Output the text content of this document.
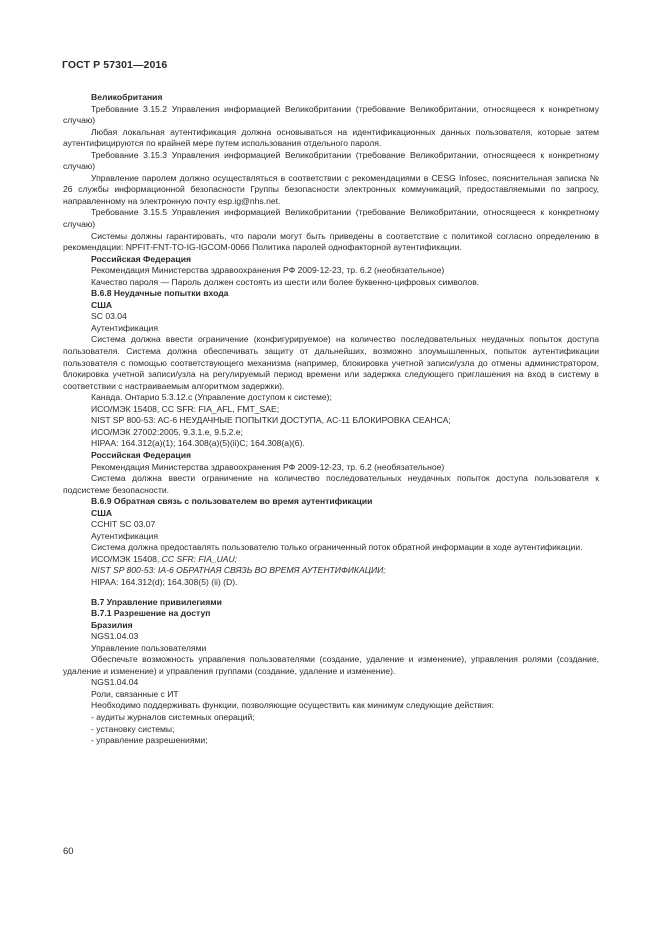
ГОСТ Р 57301—2016

Великобритания

Требование 3.15.2 Управления информацией Великобритании (требование Великобритании, относящееся к конкретному случаю)

Любая локальная аутентификация должна основываться на идентификационных данных пользователя, которые затем аутентифицируются по крайней мере путем использования отдельного пароля.

Требование 3.15.3 Управления информацией Великобритании (требование Великобритании, относящееся к конкретному случаю)

Управление паролем должно осуществляться в соответствии с рекомендациями в CESG Infosec, пояснительная записка № 26 службы информационной безопасности Группы безопасности электронных коммуникаций, предоставляемыми по запросу, направленному на электронную почту esp.ig@nhs.net.

Требование 3.15.5 Управления информацией Великобритании (требование Великобритании, относящееся к конкретному случаю)

Системы должны гарантировать, что пароли могут быть приведены в соответствие с политикой согласно определению в рекомендации: NPFIT-FNT-TO-IG-IGCOM-0066 Политика паролей однофакторной аутентификации.

Российская Федерация

Рекомендация Министерства здравоохранения РФ 2009-12-23, тр. 6.2 (необязательное)

Качество пароля — Пароль должен состоять из шести или более буквенно-цифровых символов.

B.6.8 Неудачные попытки входа

США

SC 03.04

Аутентификация

Система должна ввести ограничение (конфигурируемое) на количество последовательных неудачных попыток доступа пользователя. Система должна обеспечивать защиту от дальнейших, возможно злоумышленных, попыток аутентификации пользователя с помощью соответствующего механизма (например, блокировка учетной записи/узла до отмены администратором, блокировка учетной записи/узла на регулируемый период времени или задержка следующего приглашения на вход в систему в соответствии с настраиваемым алгоритмом задержки).

Канада. Онтарио 5.3.12.c (Управление доступом к системе);

ИСО/МЭК 15408, CC SFR: FIA_AFL, FMT_SAE;

NIST SP 800-53: AC-6 НЕУДАЧНЫЕ ПОПЫТКИ ДОСТУПА, AC-11 БЛОКИРОВКА СЕАНСА;

ИСО/МЭК 27002:2005, 9.3.1.e, 9.5.2.e;

HIPAA: 164.312(a)(1); 164.308(a)(5)(ii)C; 164.308(a)(6).

Российская Федерация

Рекомендация Министерства здравоохранения РФ 2009-12-23, тр. 6.2 (необязательное)

Система должна ввести ограничение на количество последовательных неудачных попыток доступа пользователя к подсистеме безопасности.

B.6.9 Обратная связь с пользователем во время аутентификации

США

CCHIT SC 03.07

Аутентификация

Система должна предоставлять пользователю только ограниченный поток обратной информации в ходе аутентификации.

ИСО/МЭК 15408, CC SFR: FIA_UAU;

NIST SP 800-53: IA-6 ОБРАТНАЯ СВЯЗЬ ВО ВРЕМЯ АУТЕНТИФИКАЦИИ;

HIPAA: 164.312(d); 164.308(5) (ii) (D).

B.7 Управление привилегиями

B.7.1 Разрешение на доступ

Бразилия

NGS1.04.03

Управление пользователями

Обеспечьте возможность управления пользователями (создание, удаление и изменение), управления ролями (создание, удаление и изменение) и управления группами (создание, удаление и изменение).

NGS1.04.04

Роли, связанные с ИТ

Необходимо поддерживать функции, позволяющие осуществить как минимум следующие действия:

- аудиты журналов системных операций;

- установку системы;

- управление разрешениями;

60
